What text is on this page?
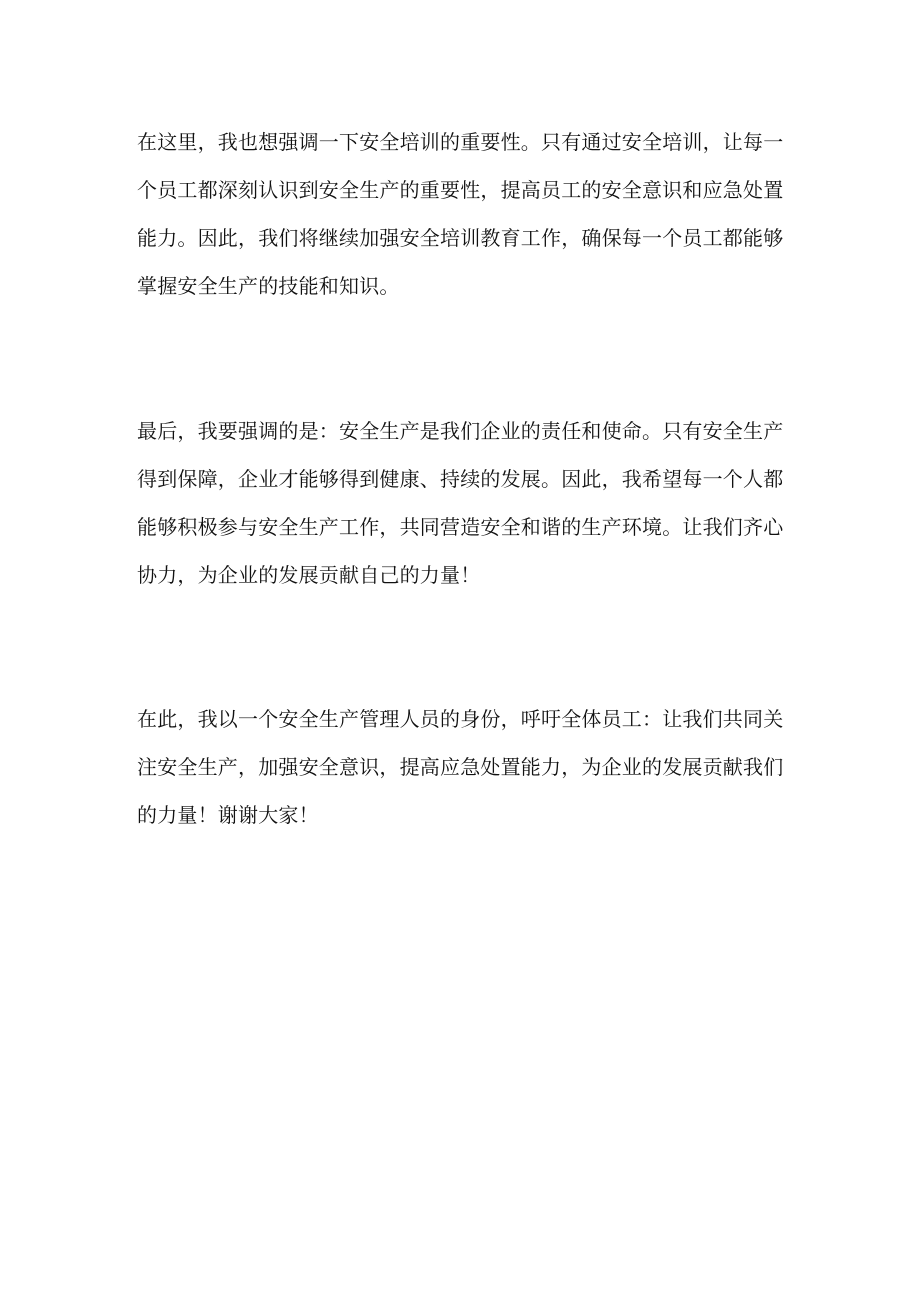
在这里，我也想强调一下安全培训的重要性。只有通过安全培训，让每一
个员工都深刻认识到安全生产的重要性，提高员工的安全意识和应急处置
能力。因此，我们将继续加强安全培训教育工作，确保每一个员工都能够
掌握安全生产的技能和知识。

最后，我要强调的是：安全生产是我们企业的责任和使命。只有安全生产
得到保障，企业才能够得到健康、持续的发展。因此，我希望每一个人都
能够积极参与安全生产工作，共同营造安全和谐的生产环境。让我们齐心
协力，为企业的发展贡献自己的力量！

在此，我以一个安全生产管理人员的身份，呼吁全体员工：让我们共同关
注安全生产，加强安全意识，提高应急处置能力，为企业的发展贡献我们
的力量！谢谢大家！
